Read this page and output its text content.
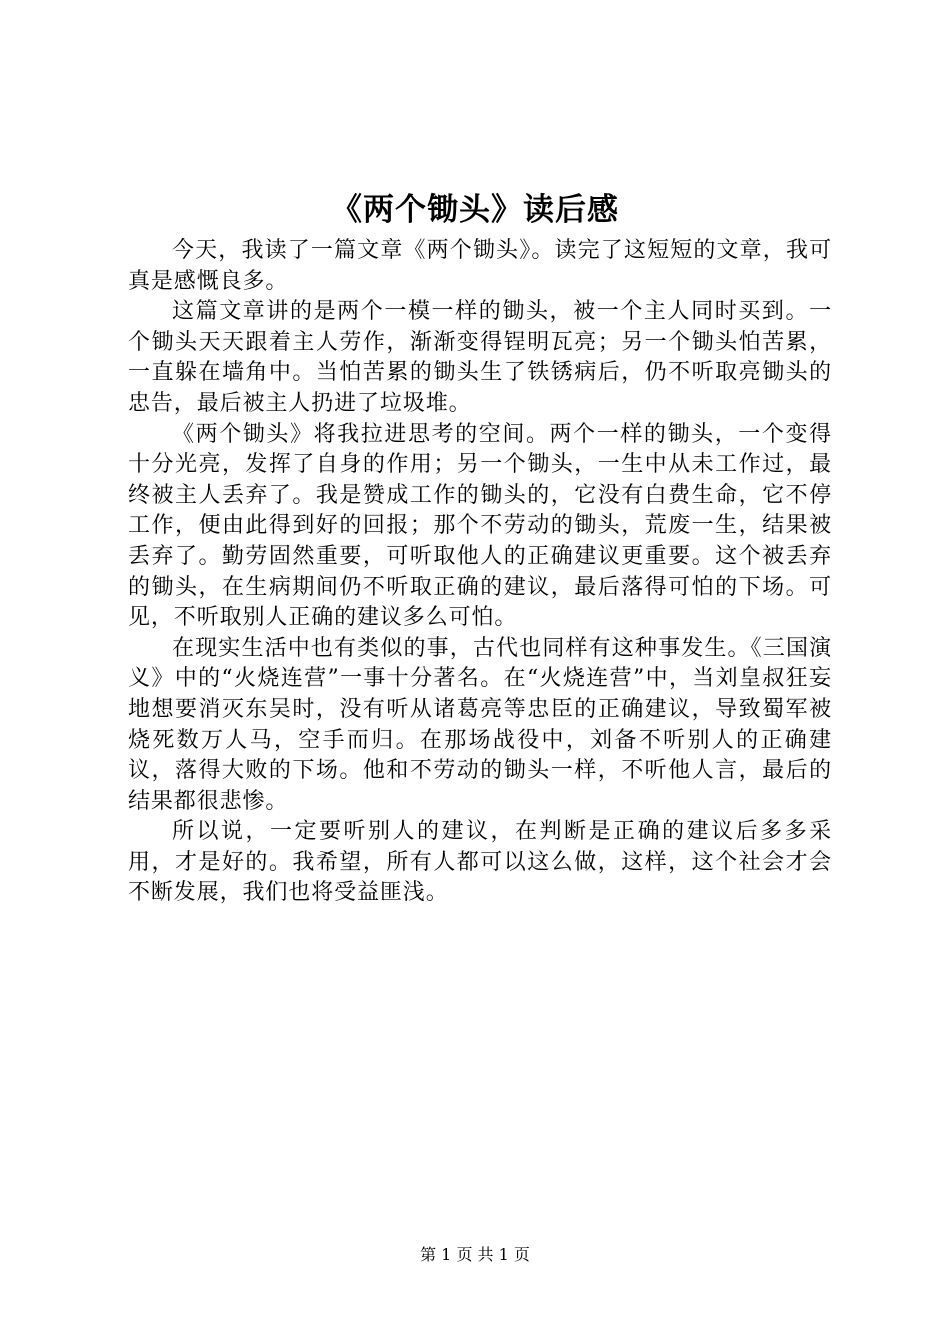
《两个锄头》读后感

今天，我读了一篇文章《两个锄头》。读完了这短短的文章，我可真是感慨良多。

这篇文章讲的是两个一模一样的锄头，被一个主人同时买到。一个锄头天天跟着主人劳作，渐渐变得锃明瓦亮；另一个锄头怕苦累，一直躲在墙角中。当怕苦累的锄头生了铁锈病后，仍不听取亮锄头的忠告，最后被主人扔进了垃圾堆。

《两个锄头》将我拉进思考的空间。两个一样的锄头，一个变得十分光亮，发挥了自身的作用；另一个锄头，一生中从未工作过，最终被主人丢弃了。我是赞成工作的锄头的，它没有白费生命，它不停工作，便由此得到好的回报；那个不劳动的锄头，荒废一生，结果被丢弃了。勤劳固然重要，可听取他人的正确建议更重要。这个被丢弃的锄头，在生病期间仍不听取正确的建议，最后落得可怕的下场。可见，不听取别人正确的建议多么可怕。

在现实生活中也有类似的事，古代也同样有这种事发生。《三国演义》中的“火烧连营”一事十分著名。在“火烧连营”中，当刘皇叔狂妄地想要消灭东吴时，没有听从诸葛亮等忠臣的正确建议，导致蜀军被烧死数万人马，空手而归。在那场战役中，刘备不听别人的正确建议，落得大败的下场。他和不劳动的锄头一样，不听他人言，最后的结果都很悲惨。

所以说，一定要听别人的建议，在判断是正确的建议后多多采用，才是好的。我希望，所有人都可以这么做，这样，这个社会才会不断发展，我们也将受益匪浅。

第 1 页 共 1 页
